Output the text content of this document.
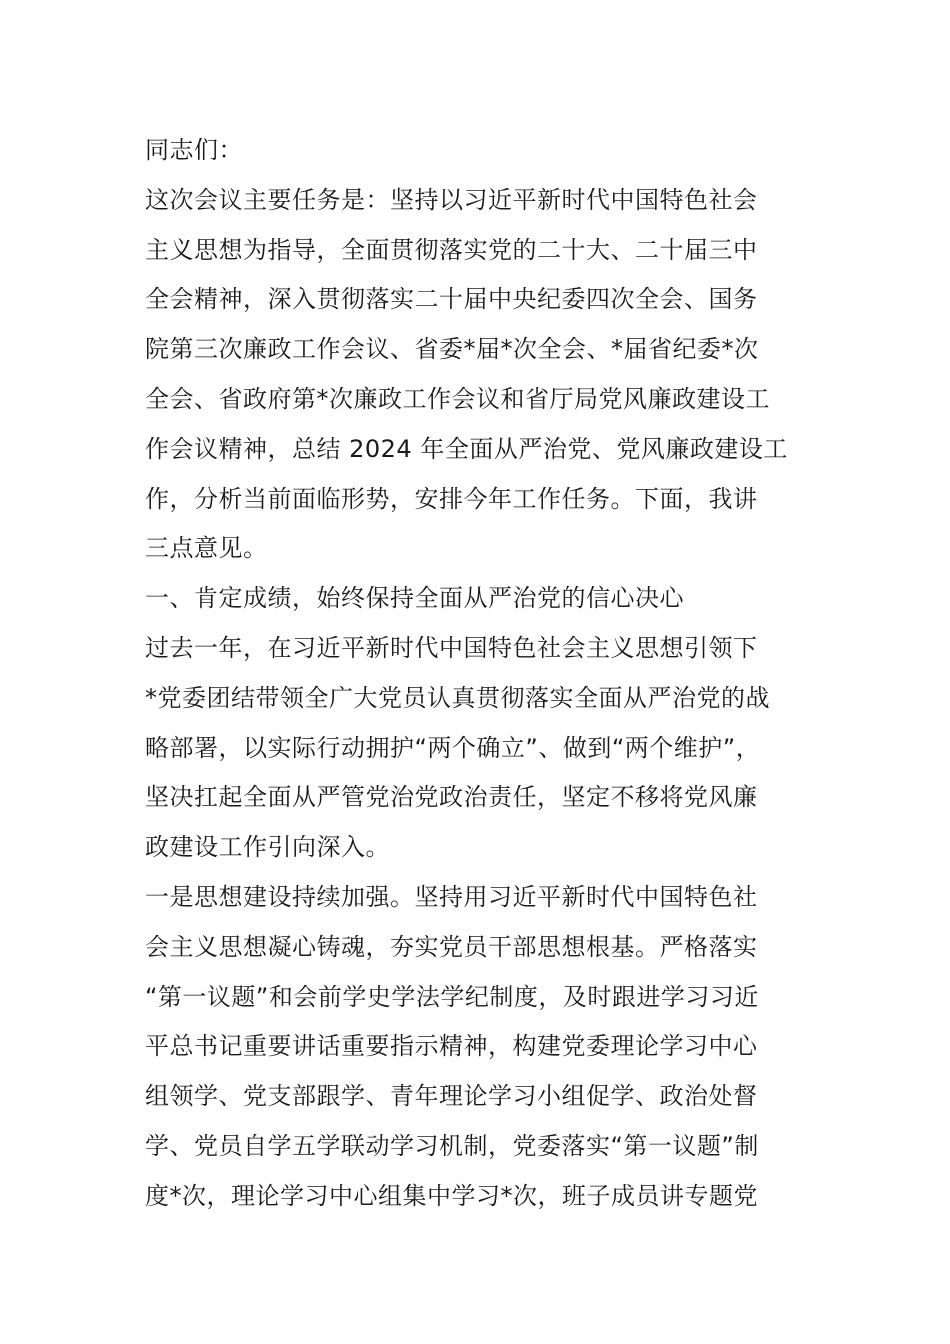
同志们：
这次会议主要任务是：坚持以习近平新时代中国特色社会
主义思想为指导，全面贯彻落实党的二十大、二十届三中
全会精神，深入贯彻落实二十届中央纪委四次全会、国务
院第三次廉政工作会议、省委*届*次全会、*届省纪委*次
全会、省政府第*次廉政工作会议和省厅局党风廉政建设工
作会议精神，总结 2024 年全面从严治党、党风廉政建设工
作，分析当前面临形势，安排今年工作任务。下面，我讲
三点意见。
一、肯定成绩，始终保持全面从严治党的信心决心
过去一年，在习近平新时代中国特色社会主义思想引领下
*党委团结带领全广大党员认真贯彻落实全面从严治党的战
略部署，以实际行动拥护“两个确立”、做到“两个维护”，
坚决扛起全面从严管党治党政治责任，坚定不移将党风廉
政建设工作引向深入。
一是思想建设持续加强。坚持用习近平新时代中国特色社
会主义思想凝心铸魂，夯实党员干部思想根基。严格落实
“第一议题”和会前学史学法学纪制度，及时跟进学习习近
平总书记重要讲话重要指示精神，构建党委理论学习中心
组领学、党支部跟学、青年理论学习小组促学、政治处督
学、党员自学五学联动学习机制，党委落实“第一议题”制
度*次，理论学习中心组集中学习*次，班子成员讲专题党
